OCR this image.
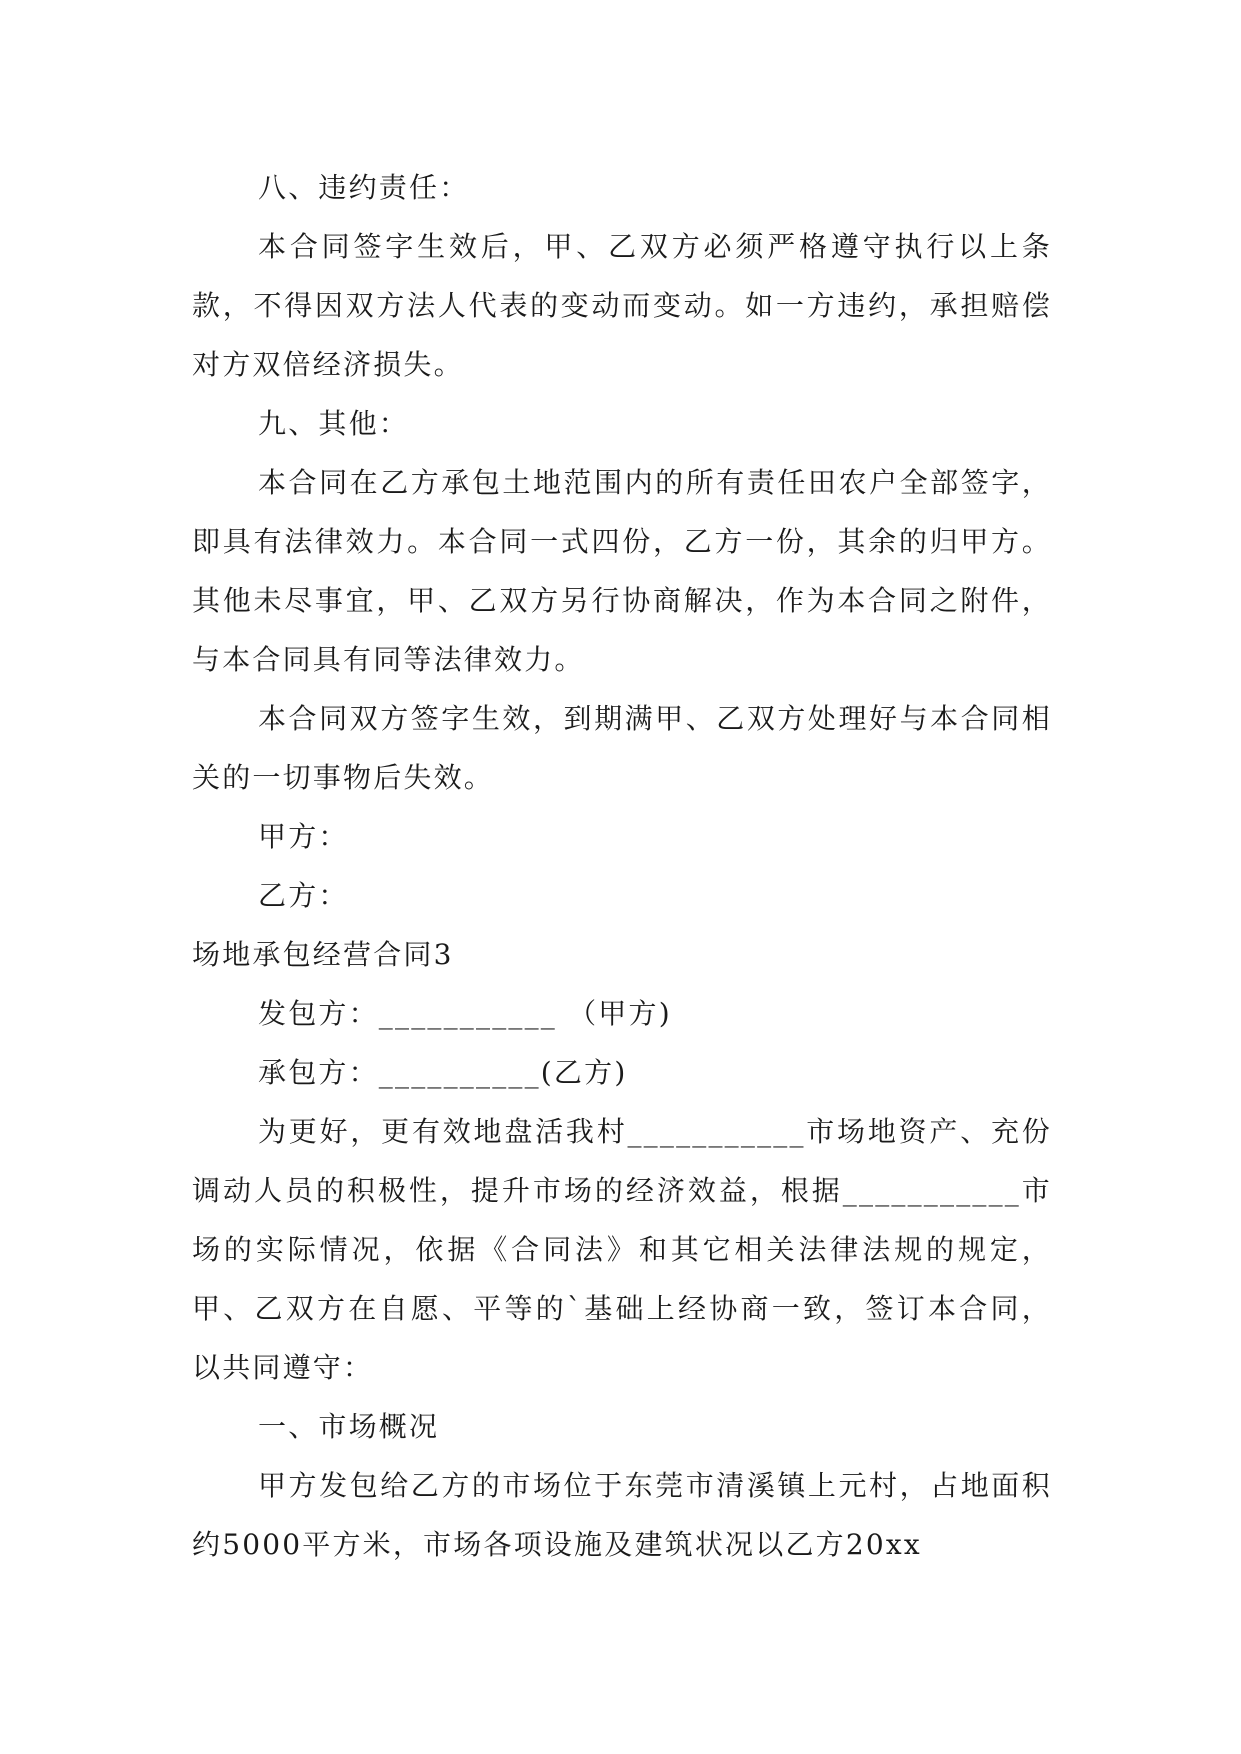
八、违约责任：

本合同签字生效后，甲、乙双方必须严格遵守执行以上条款，不得因双方法人代表的变动而变动。如一方违约，承担赔偿对方双倍经济损失。

九、其他：

本合同在乙方承包土地范围内的所有责任田农户全部签字，即具有法律效力。本合同一式四份，乙方一份，其余的归甲方。其他未尽事宜，甲、乙双方另行协商解决，作为本合同之附件，与本合同具有同等法律效力。

本合同双方签字生效，到期满甲、乙双方处理好与本合同相关的一切事物后失效。

甲方：

乙方：

场地承包经营合同3

发包方：___________ （甲方)

承包方：__________(乙方)

为更好，更有效地盘活我村___________市场地资产、充份调动人员的积极性，提升市场的经济效益，根据___________市场的实际情况，依据《合同法》和其它相关法律法规的规定，甲、乙双方在自愿、平等的`基础上经协商一致，签订本合同，以共同遵守：

一、市场概况

甲方发包给乙方的市场位于东莞市清溪镇上元村，占地面积约5000平方米，市场各项设施及建筑状况以乙方20xx
